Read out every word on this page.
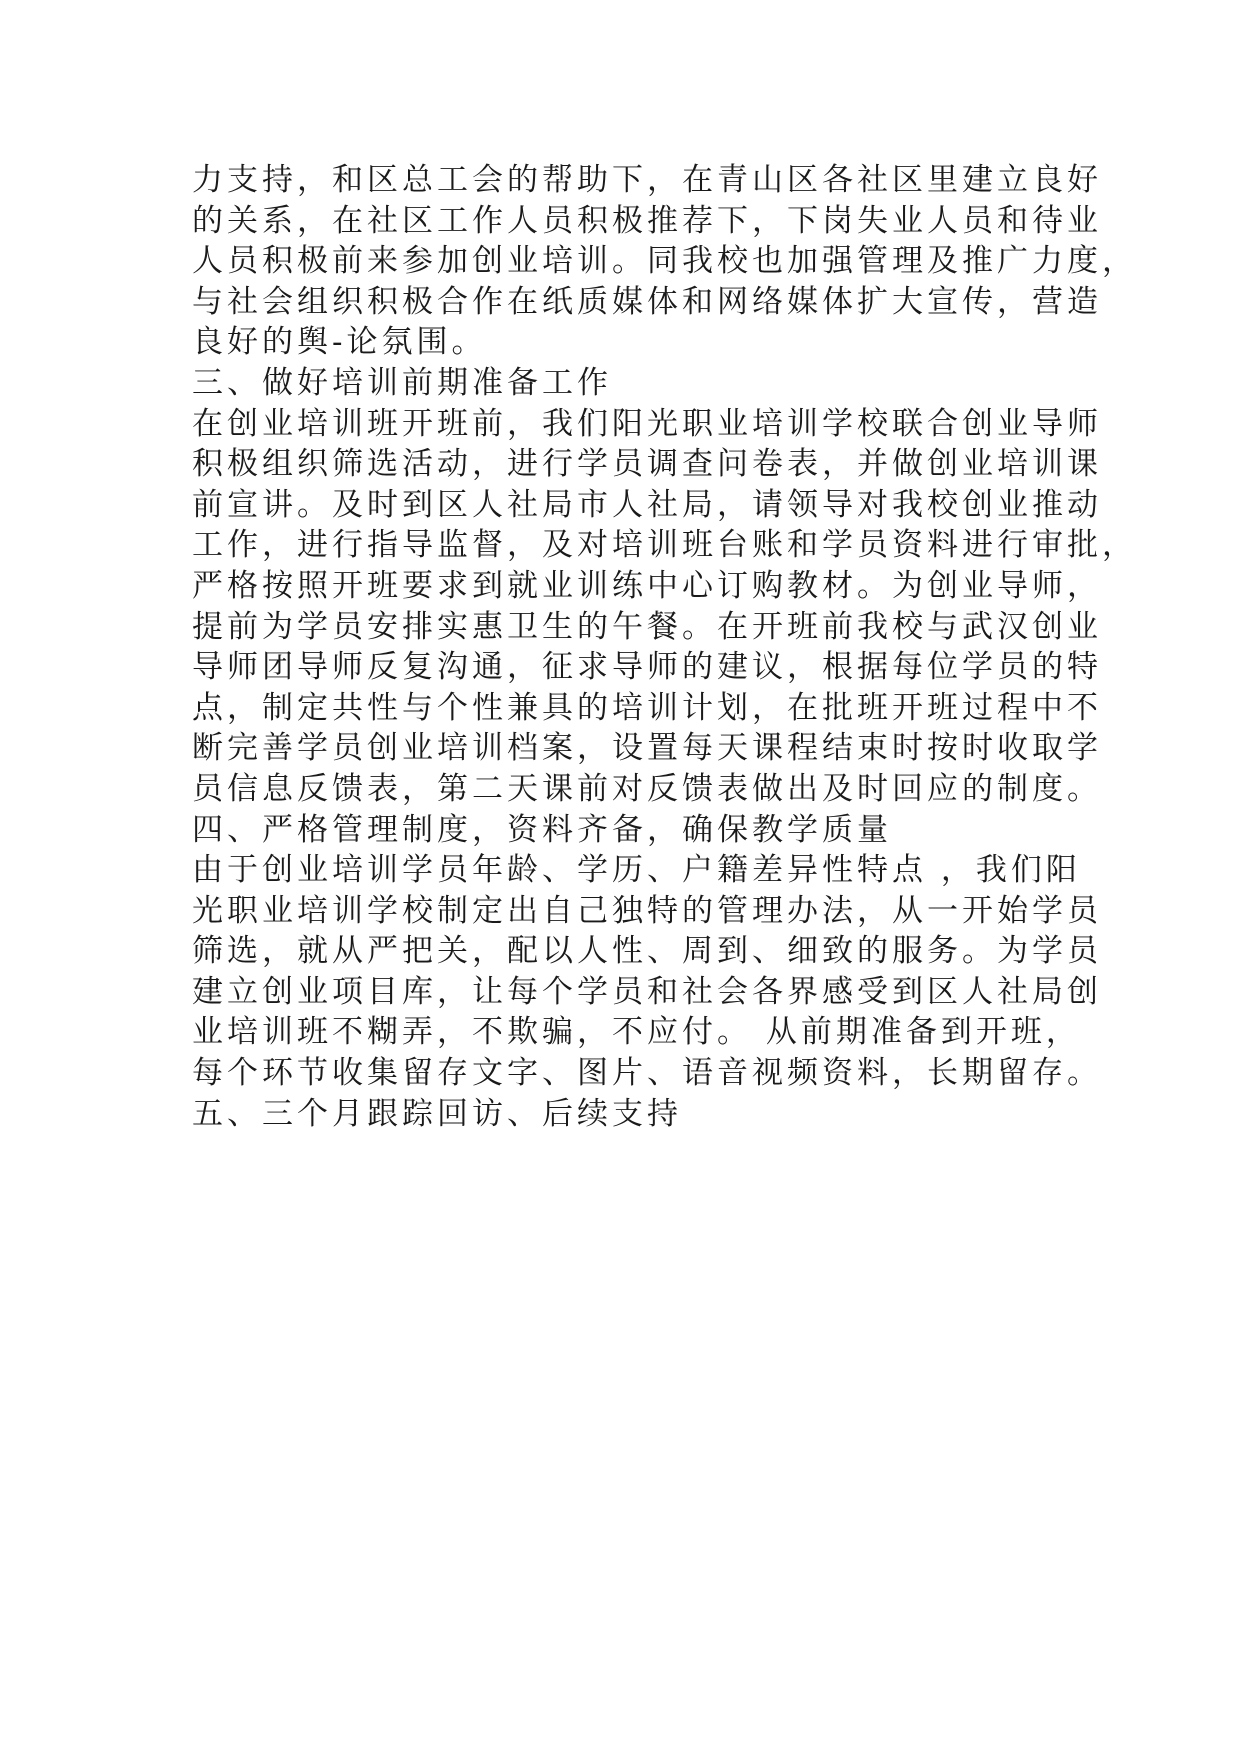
力支持，和区总工会的帮助下，在青山区各社区里建立良好
的关系，在社区工作人员积极推荐下，下岗失业人员和待业
人员积极前来参加创业培训。同我校也加强管理及推广力度，
与社会组织积极合作在纸质媒体和网络媒体扩大宣传，营造
良好的舆-论氛围。
三、做好培训前期准备工作
在创业培训班开班前，我们阳光职业培训学校联合创业导师
积极组织筛选活动，进行学员调查问卷表，并做创业培训课
前宣讲。及时到区人社局市人社局，请领导对我校创业推动
工作，进行指导监督，及对培训班台账和学员资料进行审批，
严格按照开班要求到就业训练中心订购教材。为创业导师，
提前为学员安排实惠卫生的午餐。在开班前我校与武汉创业
导师团导师反复沟通，征求导师的建议，根据每位学员的特
点，制定共性与个性兼具的培训计划，在批班开班过程中不
断完善学员创业培训档案，设置每天课程结束时按时收取学
员信息反馈表，第二天课前对反馈表做出及时回应的制度。
四、严格管理制度，资料齐备，确保教学质量
由于创业培训学员年龄、学历、户籍差异性特点 ，我们阳
光职业培训学校制定出自己独特的管理办法，从一开始学员
筛选，就从严把关，配以人性、周到、细致的服务。为学员
建立创业项目库，让每个学员和社会各界感受到区人社局创
业培训班不糊弄，不欺骗，不应付。 从前期准备到开班，
每个环节收集留存文字、图片、语音视频资料，长期留存。
五、三个月跟踪回访、后续支持
